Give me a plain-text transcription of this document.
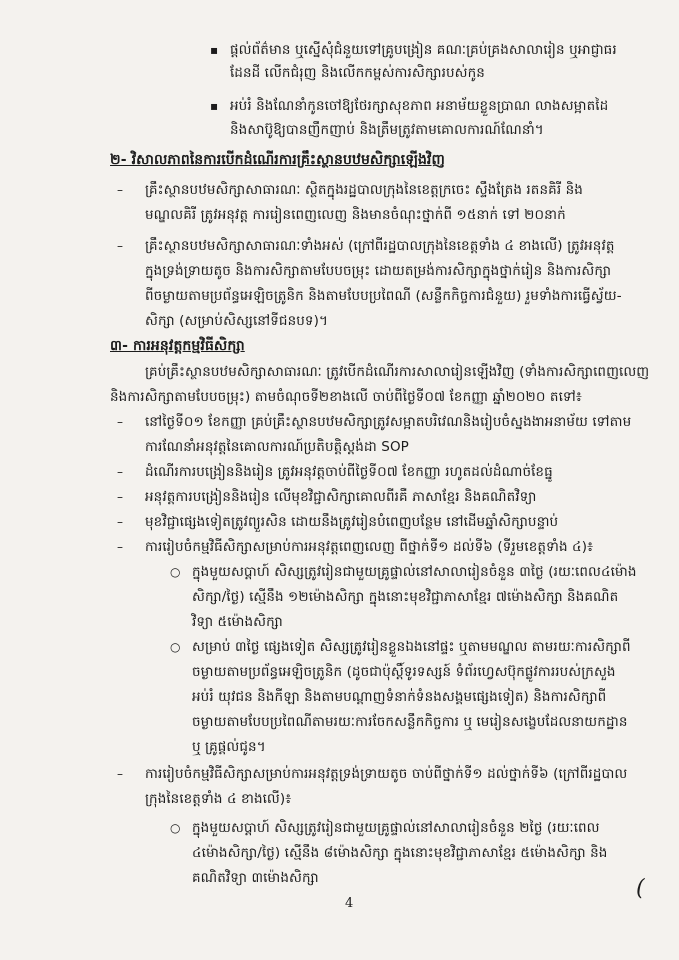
ផ្តល់ព័ត៌មាន ឬស្នើសុំជំនួយទៅគ្រូបង្រៀន គណៈគ្រប់គ្រងសាលារៀន ឬអាជ្ញាធរ
ដែនដី លើកជំរុញ និងលើកកម្ពស់ការសិក្សារបស់កូន
អប់រំ និងណែនាំកូនចៅឱ្យថែរក្សាសុខភាព អនាម័យខ្លួនប្រាណ លាងសម្អាតដៃ
និងសាប៊ូឱ្យបានញឹកញាប់ និងត្រឹមត្រូវតាមគោលការណ៍ណែនាំ។
២- វិសាលភាពនៃការបើកដំណើរការគ្រឹះស្ថានបឋមសិក្សាឡើងវិញ
គ្រឹះស្ថានបឋមសិក្សាសាធារណៈ ស្ថិតក្នុងរដ្ឋបាលក្រុងនៃខេត្តក្រចេះ ស្ទឹងត្រែង រតនគិរី និង
មណ្ឌលគិរី ត្រូវអនុវត្ត ការរៀនពេញលេញ និងមានចំណុះថ្នាក់ពី ១៥នាក់ ទៅ ២០នាក់
គ្រឹះស្ថានបឋមសិក្សាសាធារណៈទាំងអស់ (ក្រៅពីរដ្ឋបាលក្រុងនៃខេត្តទាំង ៤ ខាងលើ) ត្រូវអនុវត្ត
ក្នុងទ្រង់ទ្រាយតូច និងការសិក្សាតាមបែបចម្រុះ ដោយតម្រង់ការសិក្សាក្នុងថ្នាក់រៀន និងការសិក្សា
ពីចម្ងាយតាមប្រព័ន្ធអេឡិចត្រូនិក និងតាមបែបប្រពៃណី (សន្លឹកកិច្ចការជំនួយ) រួមទាំងការធ្វើស្វ័យ-
សិក្សា (សម្រាប់សិស្សនៅទីជនបទ)។
៣- ការអនុវត្តកម្មវិធីសិក្សា
គ្រប់គ្រឹះស្ថានបឋមសិក្សាសាធារណៈ ត្រូវបើកដំណើរការសាលារៀនឡើងវិញ (ទាំងការសិក្សាពេញលេញ
និងការសិក្សាតាមបែបចម្រុះ) តាមចំណុចទី២ខាងលើ ចាប់ពីថ្ងៃទី០៧ ខែកញ្ញា ឆ្នាំ២០២០ តទៅ៖
នៅថ្ងៃទី០១ ខែកញ្ញា គ្រប់គ្រឹះស្ថានបឋមសិក្សាត្រូវសម្អាតបរិវេណនិងរៀបចំស្នងងាអនាម័យ ទៅតាម
ការណែនាំអនុវត្តនៃគោលការណ៍ប្រតិបត្តិស្តង់ដា SOP
ដំណើរការបង្រៀននិងរៀន ត្រូវអនុវត្តចាប់ពីថ្ងៃទី០៧ ខែកញ្ញា រហូតដល់ដំណាច់ខែធ្នូ
អនុវត្តការបង្រៀននិងរៀន លើមុខវិជ្ជាសិក្សាគោលពីរគឺ ភាសាខ្មែរ និងគណិតវិទ្យា
មុខវិជ្ជាផ្សេងទៀតត្រូវព្យួរសិន ដោយនឹងត្រូវរៀនបំពេញបន្ថែម នៅដើមឆ្នាំសិក្សាបន្ទាប់
ការរៀបចំកម្មវិធីសិក្សាសម្រាប់ការអនុវត្តពេញលេញ ពីថ្នាក់ទី១ ដល់ទី៦ (ទីរួមខេត្តទាំង ៤)៖
ក្នុងមួយសប្តាហ៍ សិស្សត្រូវរៀនជាមួយគ្រូផ្ទាល់នៅសាលារៀនចំនួន ៣ថ្ងៃ (រយៈពេល៤ម៉ោង
សិក្សា/ថ្ងៃ) ស្មើនឹង ១២ម៉ោងសិក្សា ក្នុងនោះមុខវិជ្ជាភាសាខ្មែរ ៧ម៉ោងសិក្សា និងគណិត
វិទ្យា ៥ម៉ោងសិក្សា
សម្រាប់ ៣ថ្ងៃ ផ្សេងទៀត សិស្សត្រូវរៀនខ្លួនឯងនៅផ្ទះ ឬតាមមណ្ឌល តាមរយៈការសិក្សាពី
ចម្ងាយតាមប្រព័ន្ធអេឡិចត្រូនិក (ដូចជាប៉ុស្តិ៍ទូរទស្សន៍ ទំព័រហ្វេសប៊ុកផ្លូវការរបស់ក្រសួង
អប់រំ យុវជន និងកីឡា និងតាមបណ្តាញទំនាក់ទំនងសង្គមផ្សេងទៀត) និងការសិក្សាពី
ចម្ងាយតាមបែបប្រពៃណីតាមរយៈការចែកសន្លឹកកិច្ចការ ឬ មេរៀនសង្ខេបដែលនាយកដ្ឋាន
ឬ គ្រូផ្តល់ជូន។
ការរៀបចំកម្មវិធីសិក្សាសម្រាប់ការអនុវត្តទ្រង់ទ្រាយតូច ចាប់ពីថ្នាក់ទី១ ដល់ថ្នាក់ទី៦ (ក្រៅពីរដ្ឋបាល
ក្រុងនៃខេត្តទាំង ៤ ខាងលើ)៖
ក្នុងមួយសប្តាហ៍ សិស្សត្រូវរៀនជាមួយគ្រូផ្ទាល់នៅសាលារៀនចំនួន ២ថ្ងៃ (រយៈពេល
៤ម៉ោងសិក្សា/ថ្ងៃ) ស្មើនឹង ៨ម៉ោងសិក្សា ក្នុងនោះមុខវិជ្ជាភាសាខ្មែរ ៥ម៉ោងសិក្សា និង
គណិតវិទ្យា ៣ម៉ោងសិក្សា
▪
▪
–
–
–
–
–
–
–
○
○
–
○
4
(
